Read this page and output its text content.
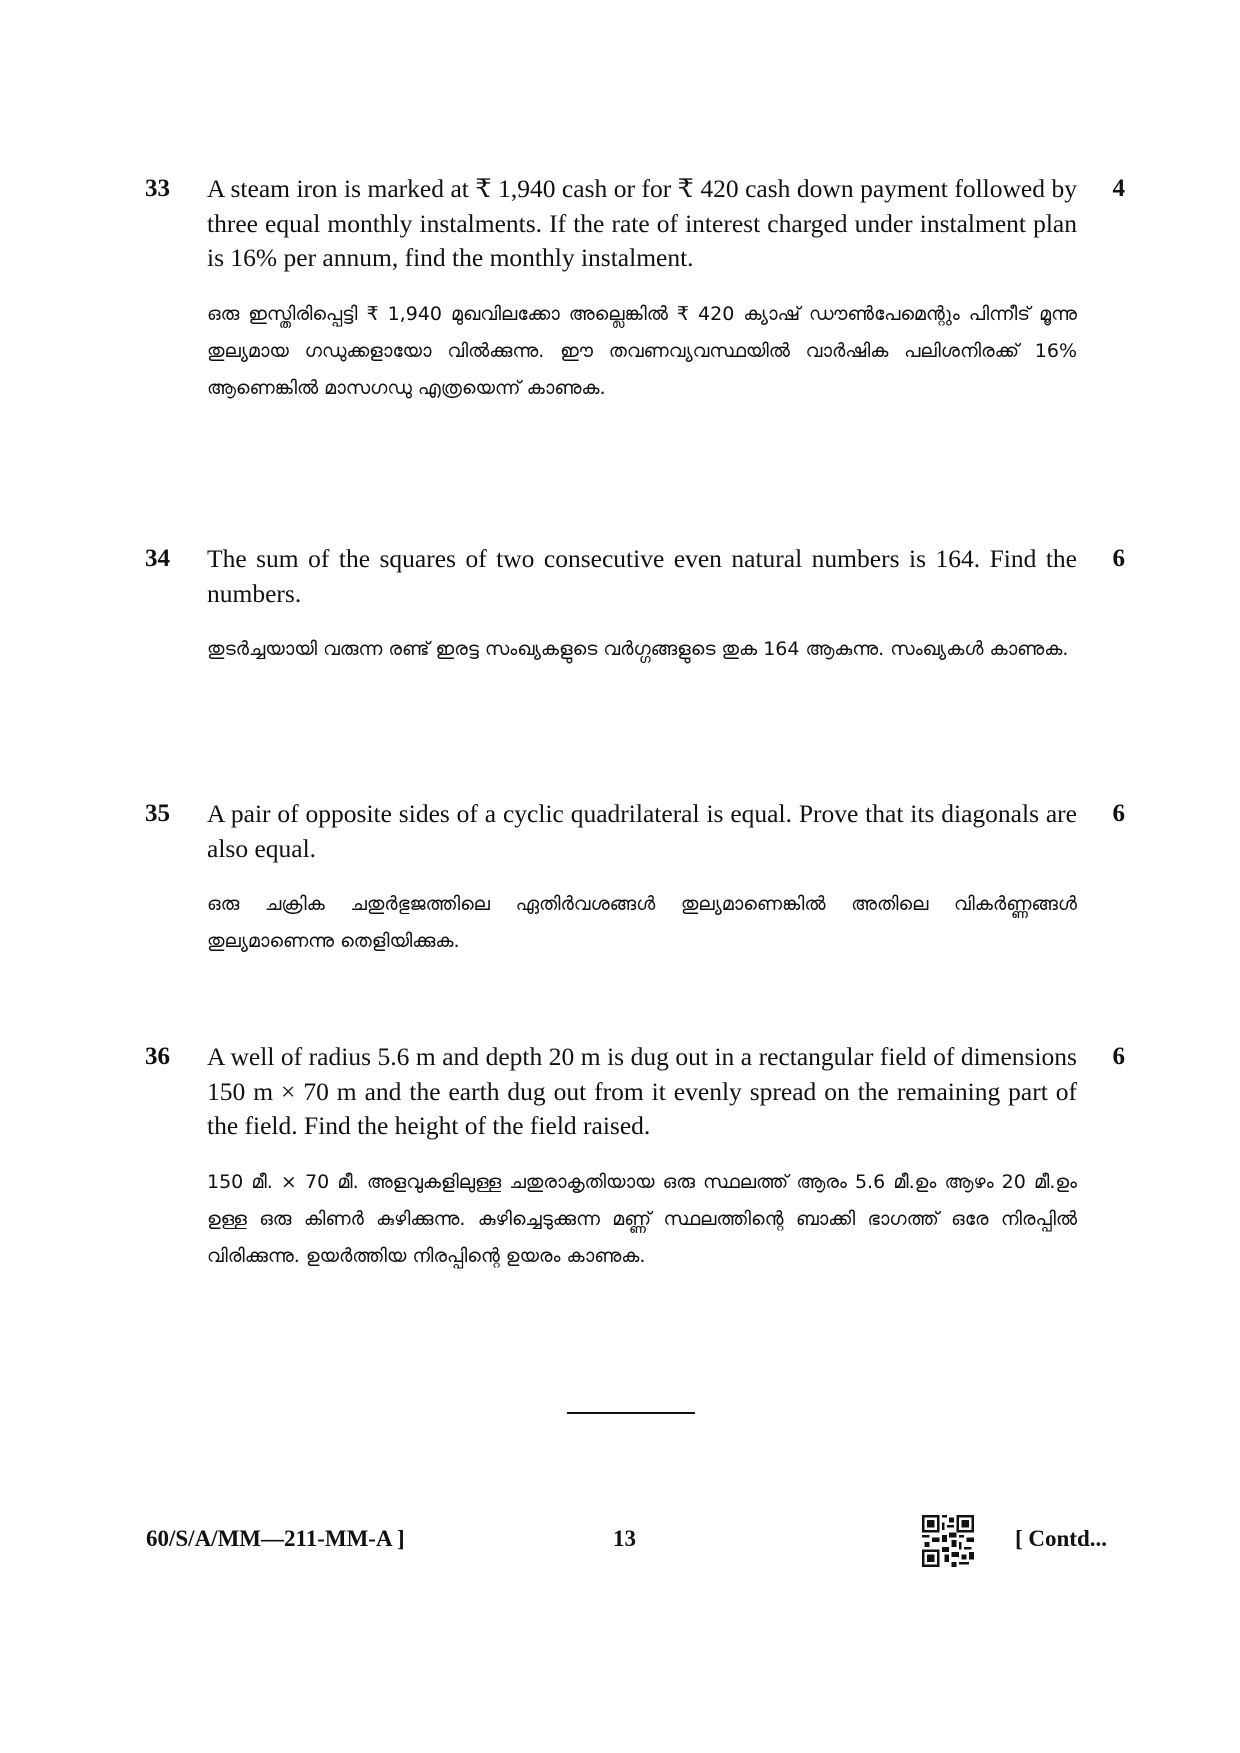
33	4
A steam iron is marked at ₹ 1,940 cash or for ₹ 420 cash down payment followed by three equal monthly instalments. If the rate of interest charged under instalment plan is 16% per annum, find the monthly instalment.
ഒരു ഇസ്തിരിപ്പെട്ടി ₹ 1,940 മുഖവിലക്കോ അല്ലെങ്കിൽ ₹ 420 ക്യാഷ് ഡൗൺപേമെന്റും പിന്നീട് മൂന്നു തുല്യമായ ഗഡുക്കളായോ വിൽക്കുന്നു. ഈ തവണവ്യവസ്ഥയിൽ വാർഷിക പലിശനിരക്ക് 16% ആണെങ്കിൽ മാസഗഡു എത്രയെന്ന് കാണുക.
34	6
The sum of the squares of two consecutive even natural numbers is 164. Find the numbers.
തുടർച്ചയായി വരുന്ന രണ്ട് ഇരട്ട സംഖ്യകളുടെ വർഗ്ഗങ്ങളുടെ തുക 164 ആകുന്നു. സംഖ്യകൾ കാണുക.
35	6
A pair of opposite sides of a cyclic quadrilateral is equal. Prove that its diagonals are also equal.
ഒരു ചക്രിക ചതുർഭുജത്തിലെ ഏതിർവശങ്ങൾ തുല്യമാണെങ്കിൽ അതിലെ വികർണ്ണങ്ങൾ തുല്യമാണെന്നു തെളിയിക്കുക.
36	6
A well of radius 5.6 m and depth 20 m is dug out in a rectangular field of dimensions 150 m × 70 m and the earth dug out from it evenly spread on the remaining part of the field. Find the height of the field raised.
150 മീ. × 70 മീ. അളവുകളിലുള്ള ചതുരാകൃതിയായ ഒരു സ്ഥലത്ത് ആരം 5.6 മീ.ഉം ആഴം 20 മീ.ഉം ഉള്ള ഒരു കിണർ കുഴിക്കുന്നു. കുഴിച്ചെടുക്കുന്ന മണ്ണ് സ്ഥലത്തിന്റെ ബാക്കി ഭാഗത്ത് ഒരേ നിരപ്പിൽ വിരിക്കുന്നു. ഉയർത്തിയ നിരപ്പിന്റെ ഉയരം കാണുക.
60/S/A/MM—211-MM-A ]	13	[ Contd...
